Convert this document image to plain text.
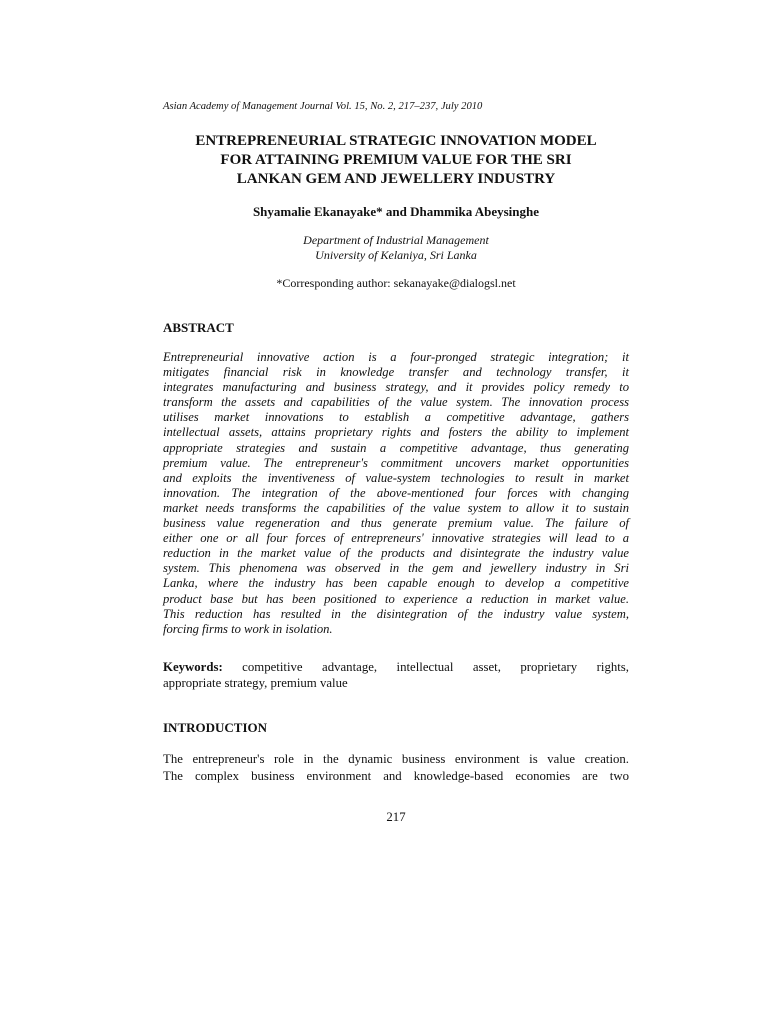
Asian Academy of Management Journal Vol. 15, No. 2, 217–237, July 2010
ENTREPRENEURIAL STRATEGIC INNOVATION MODEL
FOR ATTAINING PREMIUM VALUE FOR THE SRI
LANKAN GEM AND JEWELLERY INDUSTRY
Shyamalie Ekanayake* and Dhammika Abeysinghe
Department of Industrial Management
University of Kelaniya, Sri Lanka
*Corresponding author: sekanayake@dialogsl.net
ABSTRACT
Entrepreneurial innovative action is a four-pronged strategic integration; it
mitigates financial risk in knowledge transfer and technology transfer, it
integrates manufacturing and business strategy, and it provides policy remedy to
transform the assets and capabilities of the value system. The innovation process
utilises market innovations to establish a competitive advantage, gathers
intellectual assets, attains proprietary rights and fosters the ability to implement
appropriate strategies and sustain a competitive advantage, thus generating
premium value. The entrepreneur's commitment uncovers market opportunities
and exploits the inventiveness of value-system technologies to result in market
innovation. The integration of the above-mentioned four forces with changing
market needs transforms the capabilities of the value system to allow it to sustain
business value regeneration and thus generate premium value. The failure of
either one or all four forces of entrepreneurs' innovative strategies will lead to a
reduction in the market value of the products and disintegrate the industry value
system. This phenomena was observed in the gem and jewellery industry in Sri
Lanka, where the industry has been capable enough to develop a competitive
product base but has been positioned to experience a reduction in market value.
This reduction has resulted in the disintegration of the industry value system,
forcing firms to work in isolation.
Keywords: competitive advantage, intellectual asset, proprietary rights,
appropriate strategy, premium value
INTRODUCTION
The entrepreneur's role in the dynamic business environment is value creation.
The complex business environment and knowledge-based economies are two
217
